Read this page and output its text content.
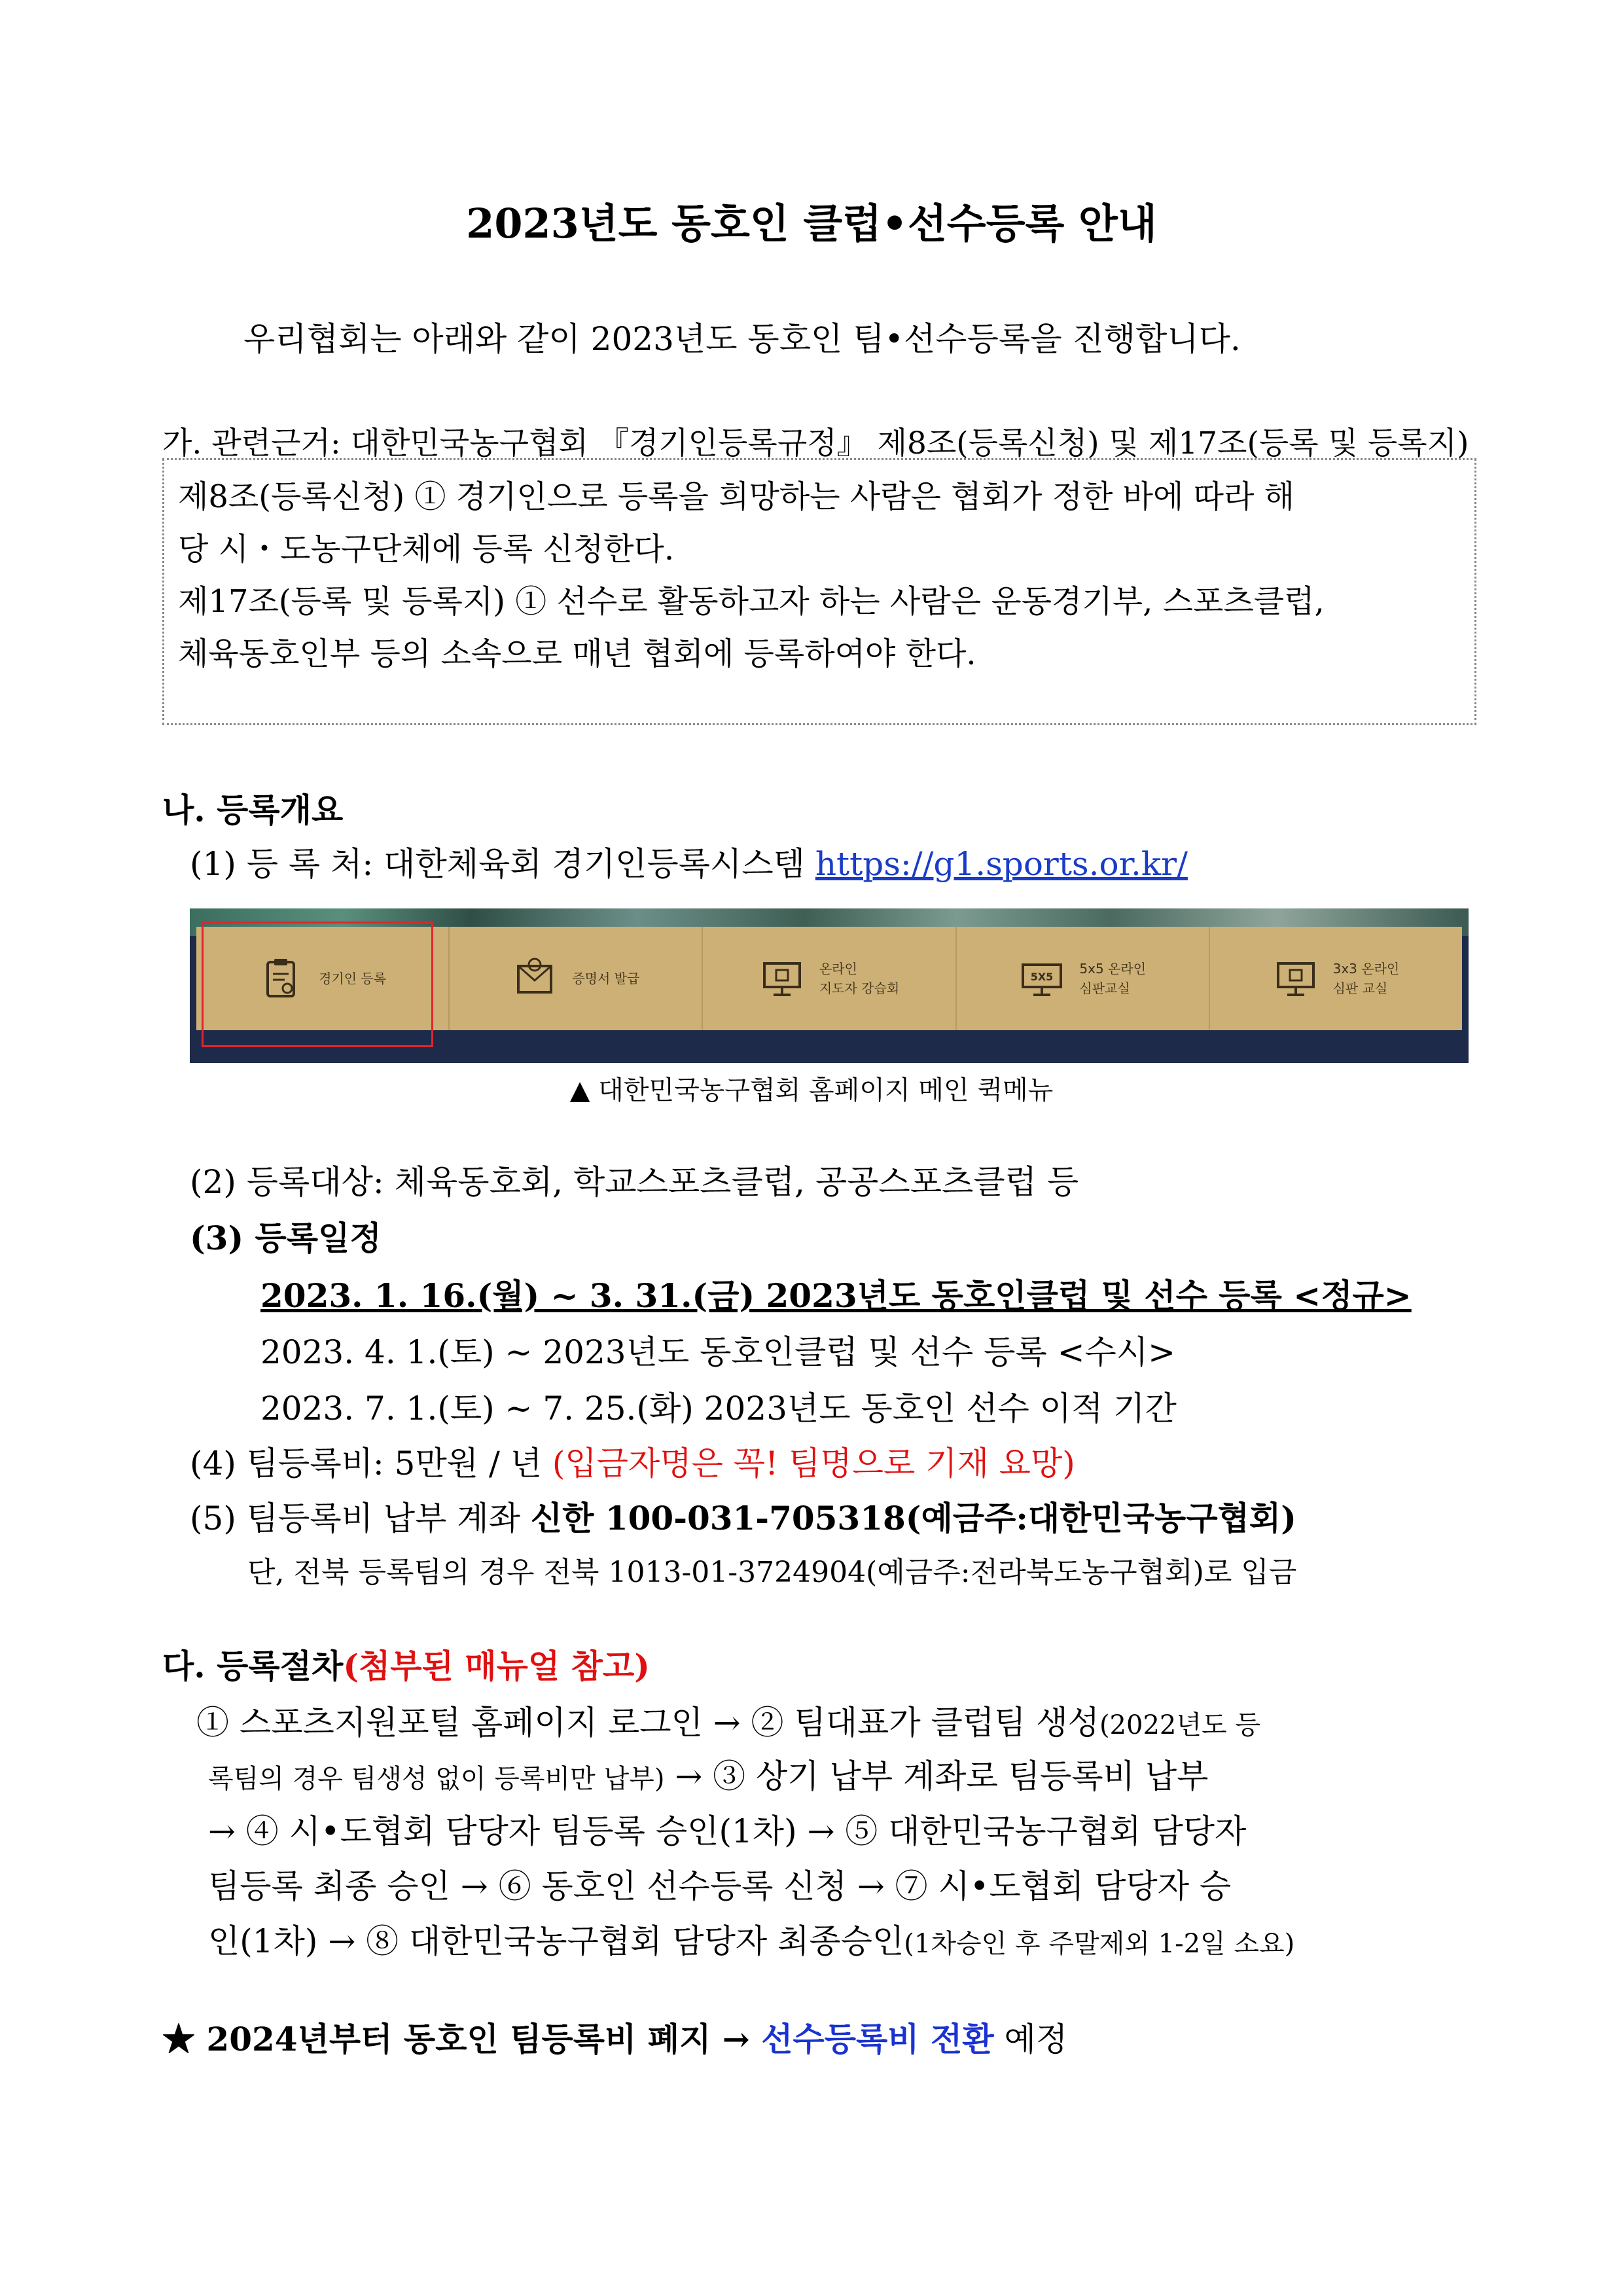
2023년도 동호인 클럽•선수등록 안내
우리협회는 아래와 같이 2023년도 동호인 팀•선수등록을 진행합니다.
가. 관련근거: 대한민국농구협회 『경기인등록규정』 제8조(등록신청) 및 제17조(등록 및 등록지)
제8조(등록신청) ① 경기인으로 등록을 희망하는 사람은 협회가 정한 바에 따라 해
당 시・도농구단체에 등록 신청한다.
제17조(등록 및 등록지) ① 선수로 활동하고자 하는 사람은 운동경기부, 스포츠클럽,
체육동호인부 등의 소속으로 매년 협회에 등록하여야 한다.
나. 등록개요
(1) 등 록 처: 대한체육회 경기인등록시스템 https://g1.sports.or.kr/
경기인 등록	증명서 발급
온라인
지도자 강습회
5X5
5x5 온라인
심판교실
3x3 온라인
심판 교실
▲ 대한민국농구협회 홈페이지 메인 퀵메뉴
(2) 등록대상: 체육동호회, 학교스포츠클럽, 공공스포츠클럽 등
(3) 등록일정
2023. 1. 16.(월) ~ 3. 31.(금) 2023년도 동호인클럽 및 선수 등록 <정규>
2023. 4. 1.(토) ~ 2023년도 동호인클럽 및 선수 등록 <수시>
2023. 7. 1.(토) ~ 7. 25.(화) 2023년도 동호인 선수 이적 기간
(4) 팀등록비: 5만원 / 년 (입금자명은 꼭! 팀명으로 기재 요망)
(5) 팀등록비 납부 계좌 신한 100-031-705318(예금주:대한민국농구협회)
단, 전북 등록팀의 경우 전북 1013-01-3724904(예금주:전라북도농구협회)로 입금
다. 등록절차(첨부된 매뉴얼 참고)
① 스포츠지원포털 홈페이지 로그인 → ② 팀대표가 클럽팀 생성(2022년도 등
록팀의 경우 팀생성 없이 등록비만 납부) → ③ 상기 납부 계좌로 팀등록비 납부
→ ④ 시•도협회 담당자 팀등록 승인(1차) → ⑤ 대한민국농구협회 담당자
팀등록 최종 승인 → ⑥ 동호인 선수등록 신청 → ⑦ 시•도협회 담당자 승
인(1차) → ⑧ 대한민국농구협회 담당자 최종승인(1차승인 후 주말제외 1-2일 소요)
★ 2024년부터 동호인 팀등록비 폐지 → 선수등록비 전환 예정
